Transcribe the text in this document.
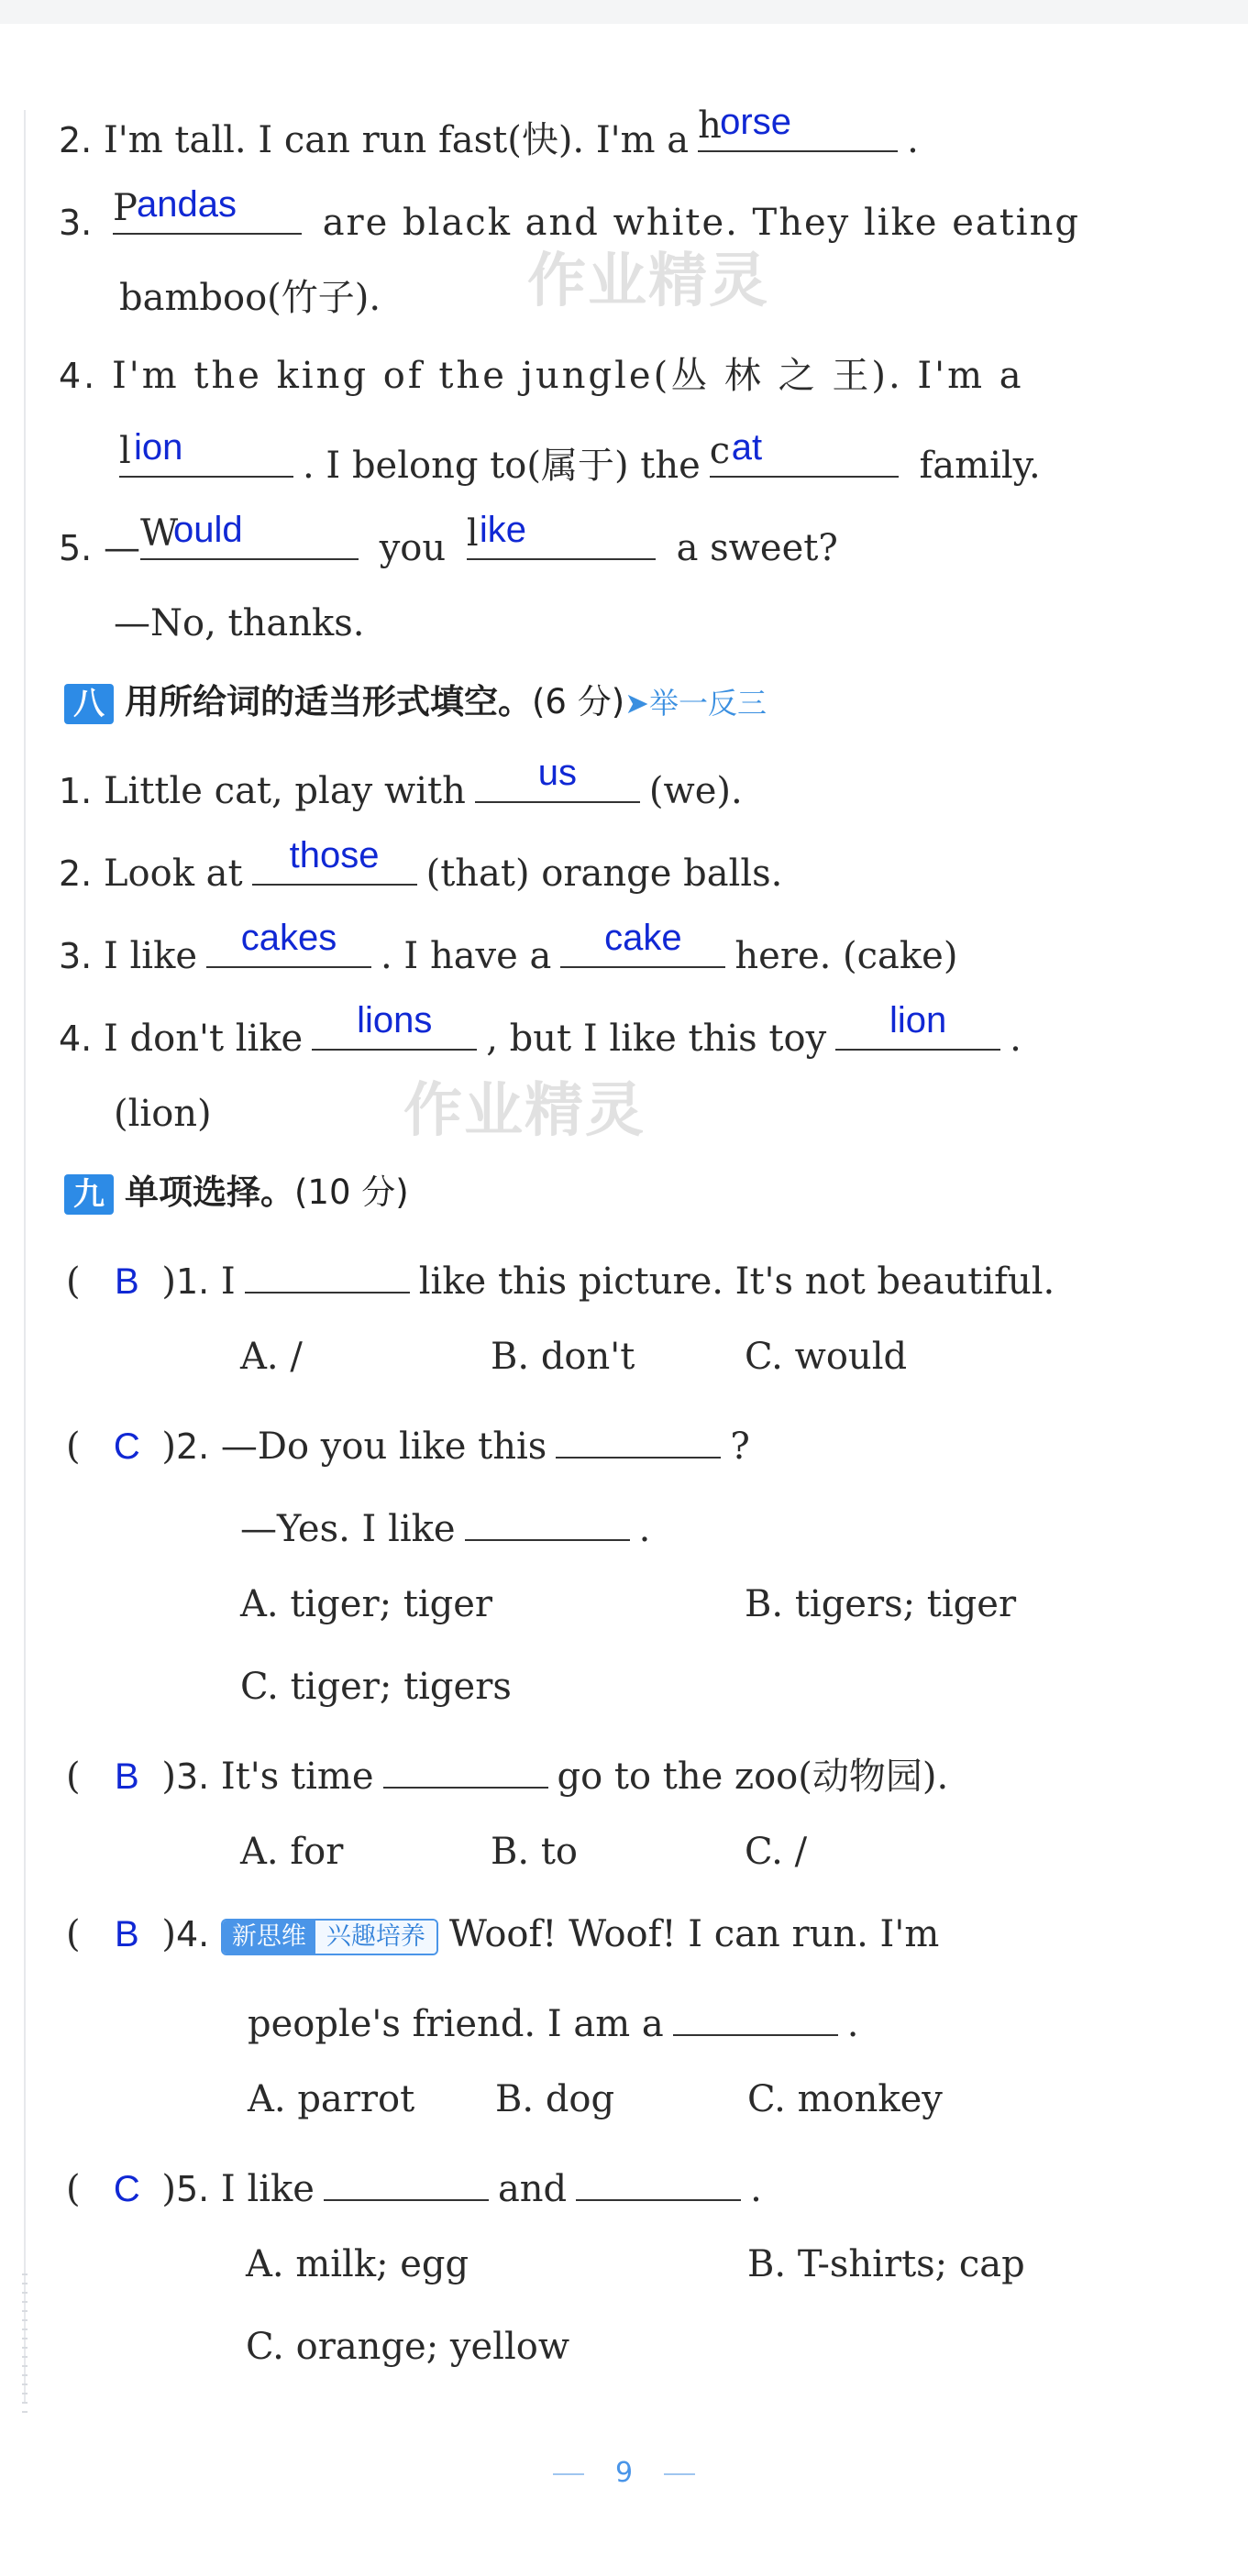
2. I'm tall. I can run fast(快). I'm a h
orse	.
3. P andas are black and white. They like eating
bamboo(竹子).
4. I'm the king of the jungle(丛 林 之 王). I'm a
l ion	. I belong to(属于) the c at	family.
5. — W
ould	you l ike	a sweet?
—No, thanks.
八 用所给词的适当形式填空。(6 分)➤举一反三
1. Little cat, play with	us	(we).
2. Look at	those	(that) orange balls.
3. I like	cakes	. I have a	cake	here. (cake)
4. I don't like	lions	, but I like this toy	lion	.
(lion)
九 单项选择。(10 分)
( B )1. I	like this picture. It's not beautiful.
A. /	B. don't	C. would
( C )2. —Do you like this	?
—Yes. I like	.
A. tiger; tiger	B. tigers; tiger
C. tiger; tigers
( B )3. It's time	go to the zoo(动物园).
A. for	B. to	C. /
( B )4. 新思维 兴趣培养 Woof! Woof! I can run. I'm
people's friend. I am a	.
A. parrot B. dog	C. monkey
( C )5. I like	and	.
A. milk; egg	B. T-shirts; cap
C. orange; yellow
作业精灵
作业精灵
9
